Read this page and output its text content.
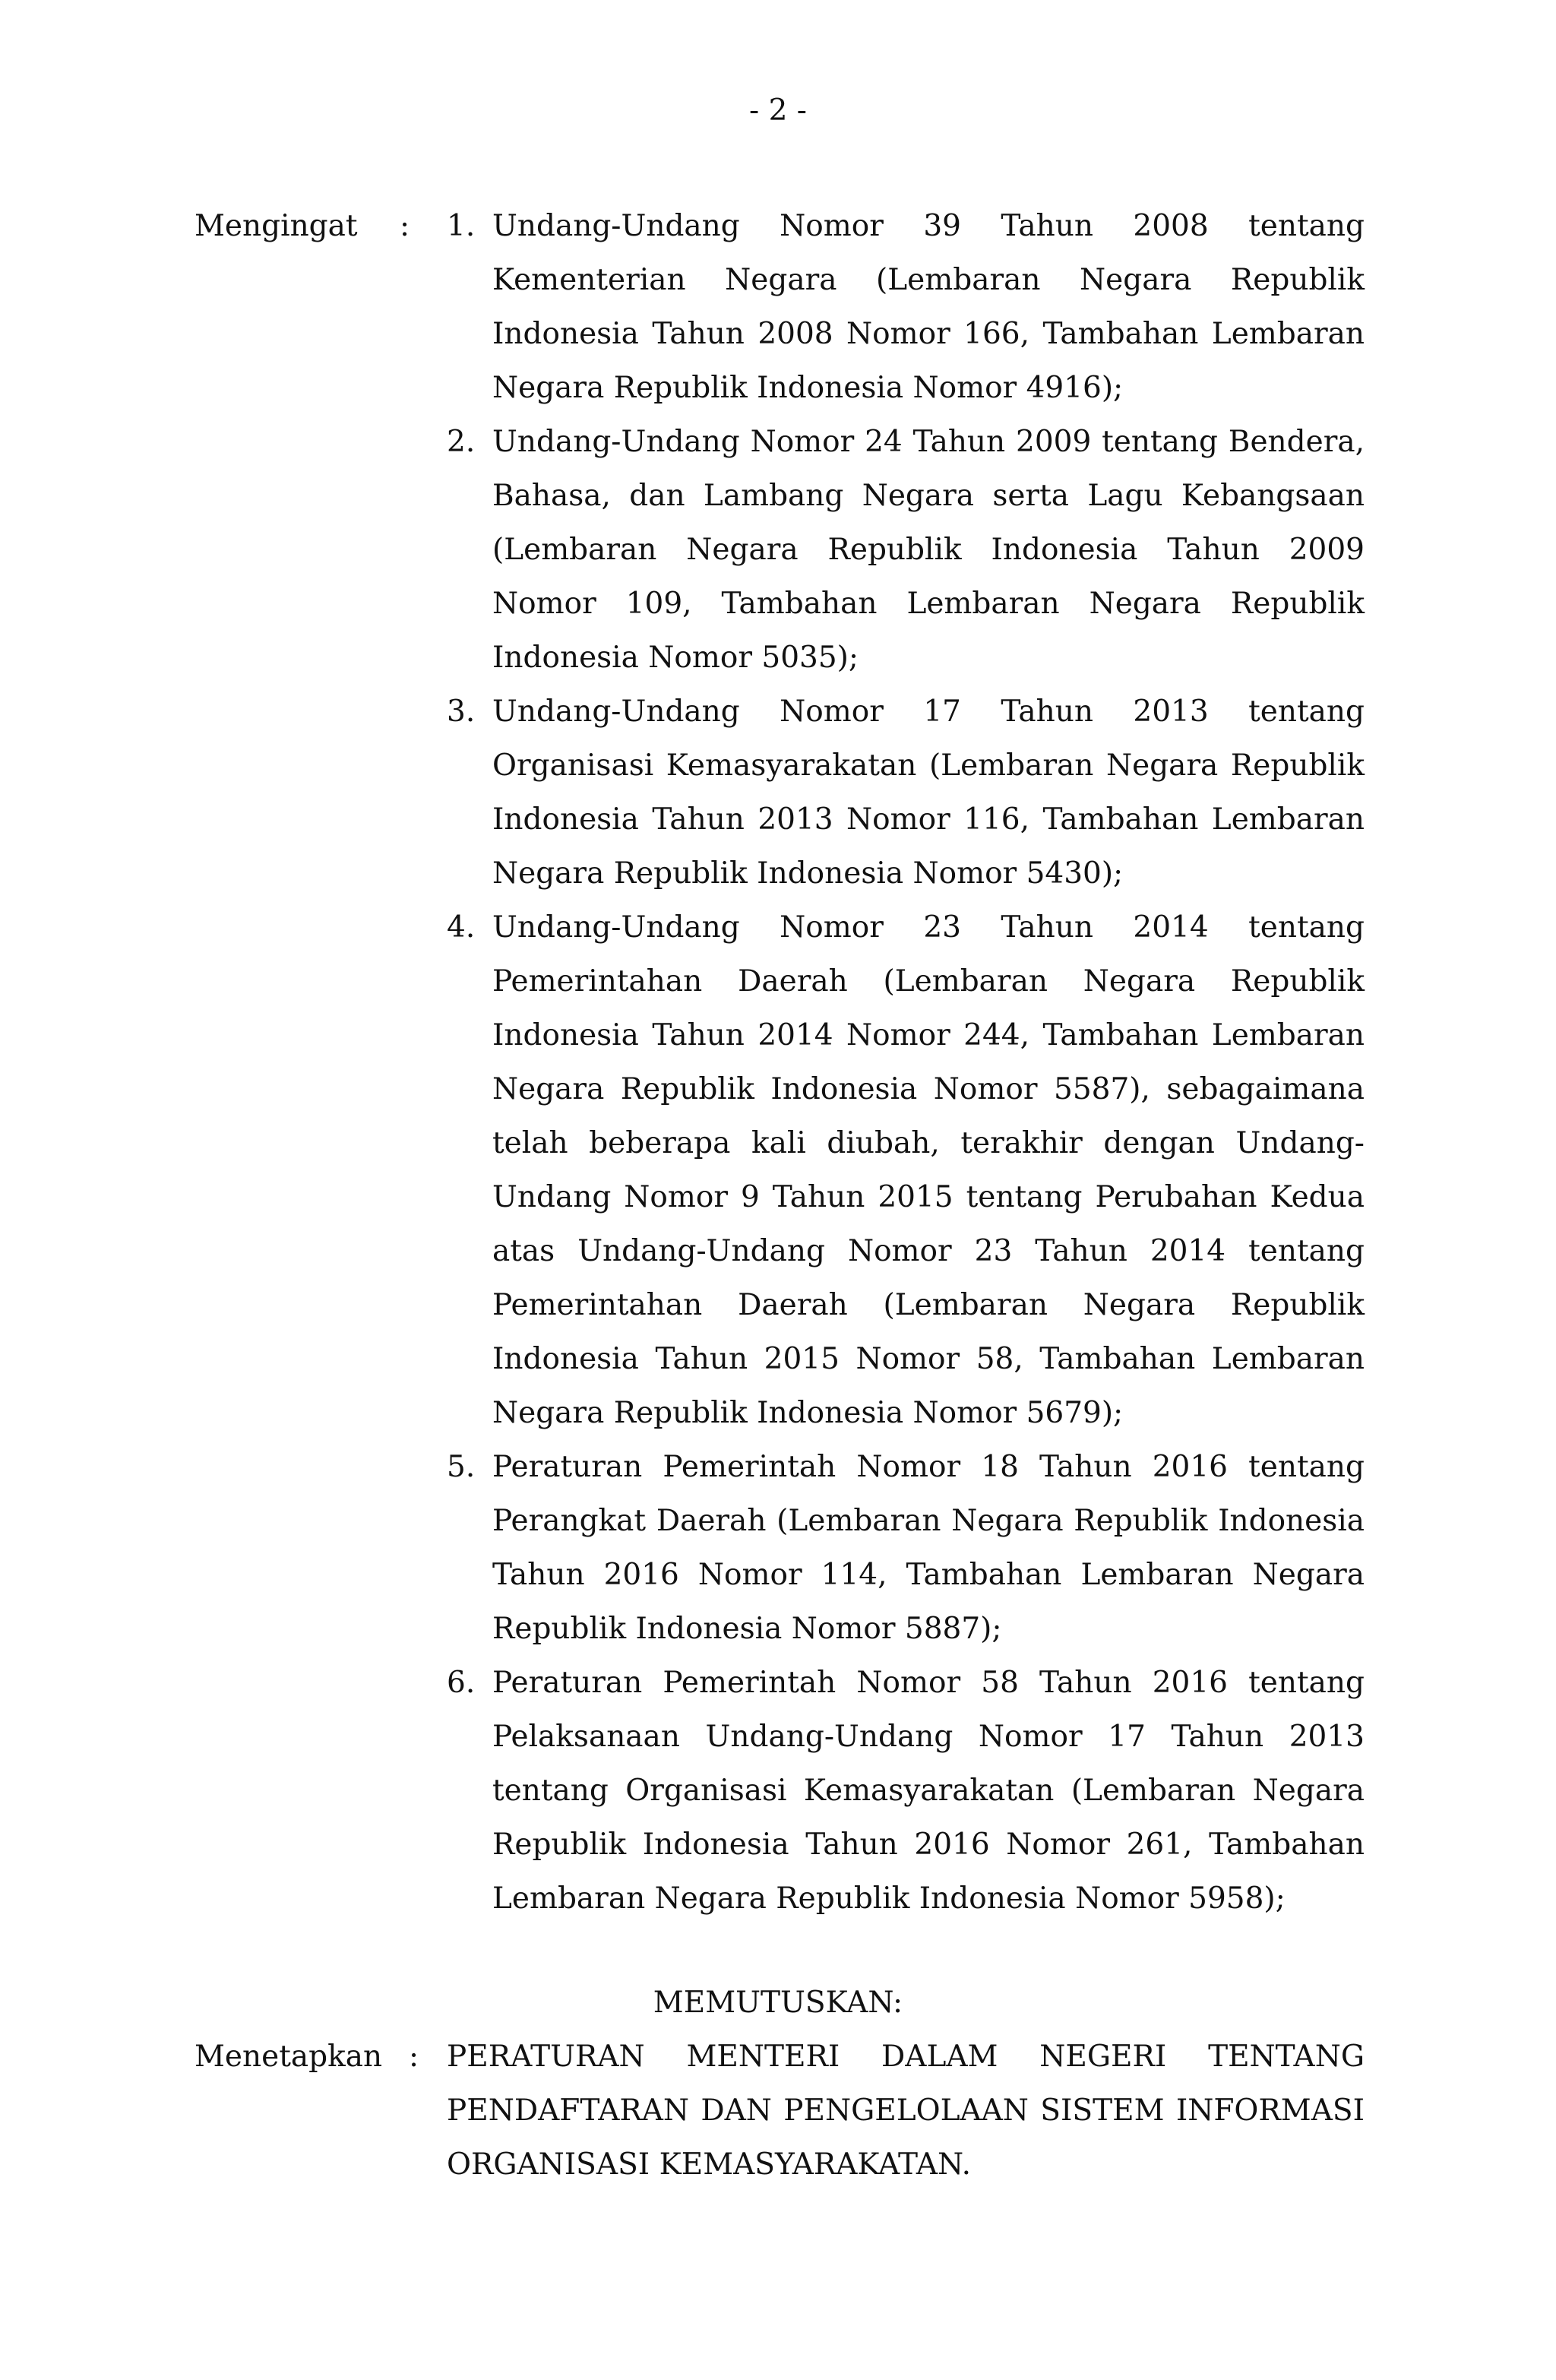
- 2 -
Mengingat : 1. Undang-Undang Nomor 39 Tahun 2008 tentang Kementerian Negara (Lembaran Negara Republik Indonesia Tahun 2008 Nomor 166, Tambahan Lembaran Negara Republik Indonesia Nomor 4916);
2. Undang-Undang Nomor 24 Tahun 2009 tentang Bendera, Bahasa, dan Lambang Negara serta Lagu Kebangsaan (Lembaran Negara Republik Indonesia Tahun 2009 Nomor 109, Tambahan Lembaran Negara Republik Indonesia Nomor 5035);
3. Undang-Undang Nomor 17 Tahun 2013 tentang Organisasi Kemasyarakatan (Lembaran Negara Republik Indonesia Tahun 2013 Nomor 116, Tambahan Lembaran Negara Republik Indonesia Nomor 5430);
4. Undang-Undang Nomor 23 Tahun 2014 tentang Pemerintahan Daerah (Lembaran Negara Republik Indonesia Tahun 2014 Nomor 244, Tambahan Lembaran Negara Republik Indonesia Nomor 5587), sebagaimana telah beberapa kali diubah, terakhir dengan Undang-Undang Nomor 9 Tahun 2015 tentang Perubahan Kedua atas Undang-Undang Nomor 23 Tahun 2014 tentang Pemerintahan Daerah (Lembaran Negara Republik Indonesia Tahun 2015 Nomor 58, Tambahan Lembaran Negara Republik Indonesia Nomor 5679);
5. Peraturan Pemerintah Nomor 18 Tahun 2016 tentang Perangkat Daerah (Lembaran Negara Republik Indonesia Tahun 2016 Nomor 114, Tambahan Lembaran Negara Republik Indonesia Nomor 5887);
6. Peraturan Pemerintah Nomor 58 Tahun 2016 tentang Pelaksanaan Undang-Undang Nomor 17 Tahun 2013 tentang Organisasi Kemasyarakatan (Lembaran Negara Republik Indonesia Tahun 2016 Nomor 261, Tambahan Lembaran Negara Republik Indonesia Nomor 5958);
MEMUTUSKAN:
Menetapkan : PERATURAN MENTERI DALAM NEGERI TENTANG PENDAFTARAN DAN PENGELOLAAN SISTEM INFORMASI ORGANISASI KEMASYARAKATAN.
